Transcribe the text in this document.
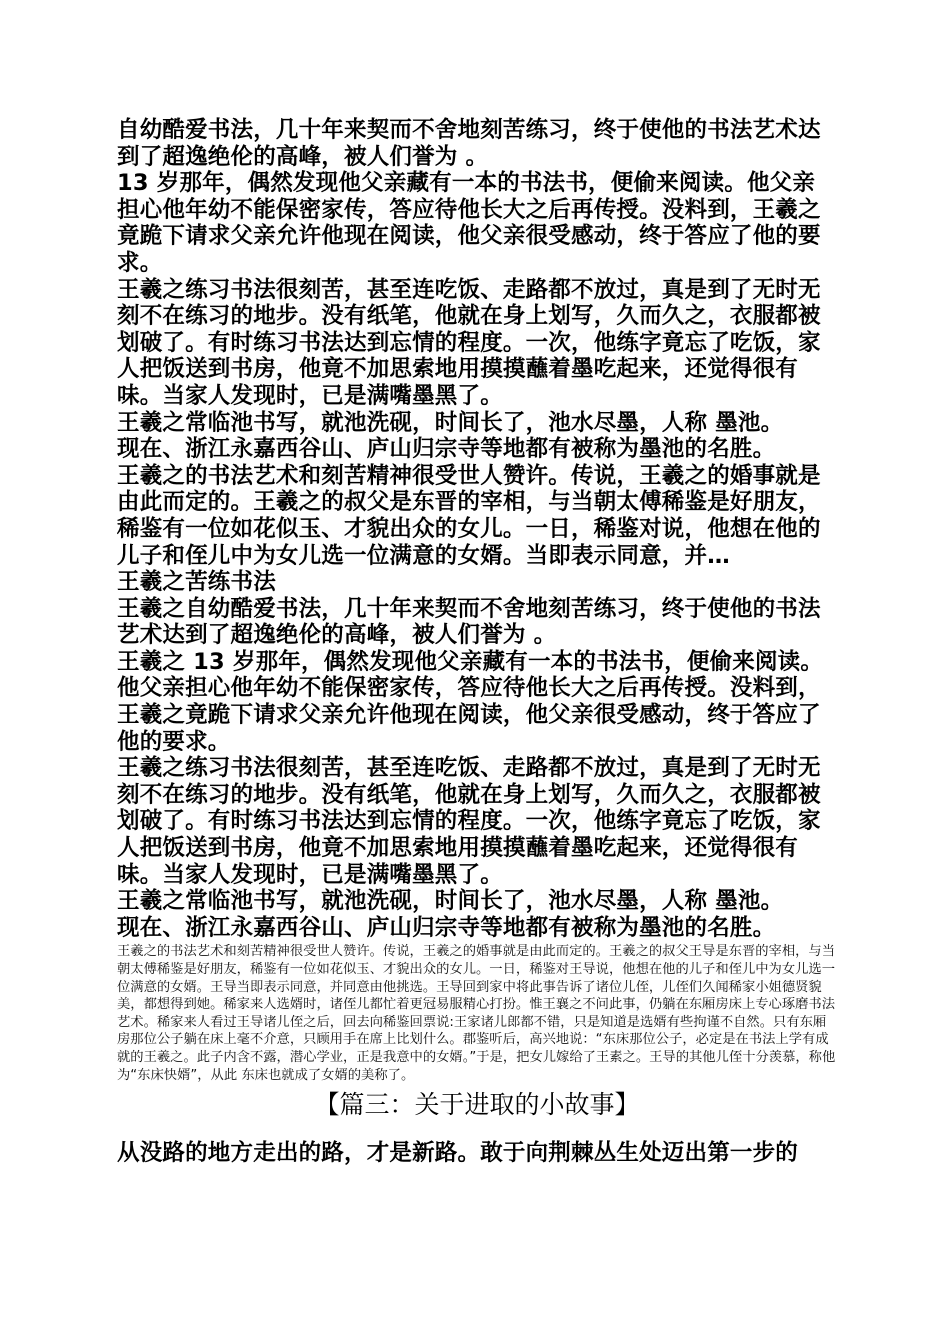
自幼酷爱书法，几十年来契而不舍地刻苦练习，终于使他的书法艺术达到了超逸绝伦的高峰，被人们誉为 。

13 岁那年，偶然发现他父亲藏有一本的书法书，便偷来阅读。他父亲担心他年幼不能保密家传，答应待他长大之后再传授。没料到，王羲之竟跪下请求父亲允许他现在阅读，他父亲很受感动，终于答应了他的要求。

王羲之练习书法很刻苦，甚至连吃饭、走路都不放过，真是到了无时无刻不在练习的地步。没有纸笔，他就在身上划写，久而久之，衣服都被划破了。有时练习书法达到忘情的程度。一次，他练字竟忘了吃饭，家人把饭送到书房，他竟不加思索地用摸摸蘸着墨吃起来，还觉得很有味。当家人发现时，已是满嘴墨黑了。

王羲之常临池书写，就池洗砚，时间长了，池水尽墨，人称 墨池。

现在、浙江永嘉西谷山、庐山归宗寺等地都有被称为墨池的名胜。

王羲之的书法艺术和刻苦精神很受世人赞许。传说，王羲之的婚事就是由此而定的。王羲之的叔父是东晋的宰相，与当朝太傅稀鉴是好朋友，稀鉴有一位如花似玉、才貌出众的女儿。一日，稀鉴对说，他想在他的儿子和侄儿中为女儿选一位满意的女婿。当即表示同意，并…

王羲之苦练书法

王羲之自幼酷爱书法，几十年来契而不舍地刻苦练习，终于使他的书法艺术达到了超逸绝伦的高峰，被人们誉为 。

王羲之 13 岁那年，偶然发现他父亲藏有一本的书法书，便偷来阅读。他父亲担心他年幼不能保密家传，答应待他长大之后再传授。没料到，王羲之竟跪下请求父亲允许他现在阅读，他父亲很受感动，终于答应了他的要求。

王羲之练习书法很刻苦，甚至连吃饭、走路都不放过，真是到了无时无刻不在练习的地步。没有纸笔，他就在身上划写，久而久之，衣服都被划破了。有时练习书法达到忘情的程度。一次，他练字竟忘了吃饭，家人把饭送到书房，他竟不加思索地用摸摸蘸着墨吃起来，还觉得很有味。当家人发现时，已是满嘴墨黑了。

王羲之常临池书写，就池洗砚，时间长了，池水尽墨，人称 墨池。

现在、浙江永嘉西谷山、庐山归宗寺等地都有被称为墨池的名胜。

王羲之的书法艺术和刻苦精神很受世人赞许。传说，王羲之的婚事就是由此而定的。王羲之的叔父王导是东晋的宰相，与当朝太傅稀鉴是好朋友，稀鉴有一位如花似玉、才貌出众的女儿。一日，稀鉴对王导说，他想在他的儿子和侄儿中为女儿选一位满意的女婿。王导当即表示同意，并同意由他挑选。王导回到家中将此事告诉了诸位儿侄，儿侄们久闻稀家小姐德贤貌美，都想得到她。稀家来人选婿时，诸侄儿都忙着更冠易服精心打扮。惟王襄之不问此事，仍躺在东厢房床上专心琢磨书法艺术。稀家来人看过王导诸儿侄之后，回去向稀鉴回票说:王家诸儿郎都不错，只是知道是选婿有些拘谨不自然。只有东厢房那位公子躺在床上毫不介意，只顾用手在席上比划什么。郡鉴听后，高兴地说：“东床那位公子，必定是在书法上学有成就的王羲之。此子内含不露，潜心学业，正是我意中的女婿。”于是，把女儿嫁给了王素之。王导的其他儿侄十分羡慕，称他为“东床快婿”，从此 东床也就成了女婿的美称了。

【篇三：关于进取的小故事】

从没路的地方走出的路，才是新路。敢于向荆棘丛生处迈出第一步的
